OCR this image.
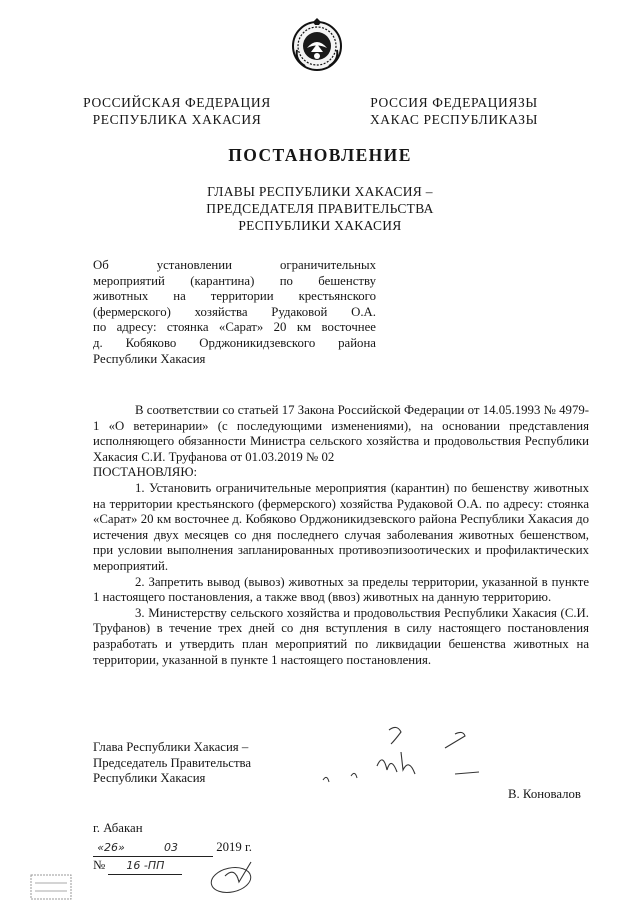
РОССИЙСКАЯ ФЕДЕРАЦИЯ
РЕСПУБЛИКА ХАКАСИЯ
РОССИЯ ФЕДЕРАЦИЯЗЫ
ХАКАС РЕСПУБЛИКАЗЫ
ПОСТАНОВЛЕНИЕ
ГЛАВЫ РЕСПУБЛИКИ ХАКАСИЯ –
ПРЕДСЕДАТЕЛЯ ПРАВИТЕЛЬСТВА
РЕСПУБЛИКИ ХАКАСИЯ
Об установлении ограничительных
мероприятий (карантина) по бешенству
животных на территории крестьянского
(фермерского) хозяйства Рудаковой О.А.
по адресу: стоянка «Сарат» 20 км восточнее
д. Кобяково Орджоникидзевского района
Республики Хакасия

В соответствии со статьей 17 Закона Российской Федерации от 14.05.1993 № 4979-1 «О ветеринарии» (с последующими изменениями), на основании представления исполняющего обязанности Министра сельского хозяйства и продовольствия Республики Хакасия С.И. Труфанова от 01.03.2019 № 02

ПОСТАНОВЛЯЮ:

1. Установить ограничительные мероприятия (карантин) по бешенству животных на территории крестьянского (фермерского) хозяйства Рудаковой О.А. по адресу: стоянка «Сарат» 20 км восточнее д. Кобяково Орджоникидзевского района Республики Хакасия до истечения двух месяцев со дня последнего случая заболевания животных бешенством, при условии выполнения запланированных противоэпизоотических и профилактических мероприятий.

2. Запретить вывод (вывоз) животных за пределы территории, указанной в пункте 1 настоящего постановления, а также ввод (ввоз) животных на данную территорию.

3. Министерству сельского хозяйства и продовольствия Республики Хакасия (С.И. Труфанов) в течение трех дней со дня вступления в силу настоящего постановления разработать и утвердить план мероприятий по ликвидации бешенства животных на территории, указанной в пункте 1 настоящего постановления.

Глава Республики Хакасия –
Председатель Правительства
Республики Хакасия
В. Коновалов
г. Абакан
«26»	03	2019 г.
№ 16 -ПП
